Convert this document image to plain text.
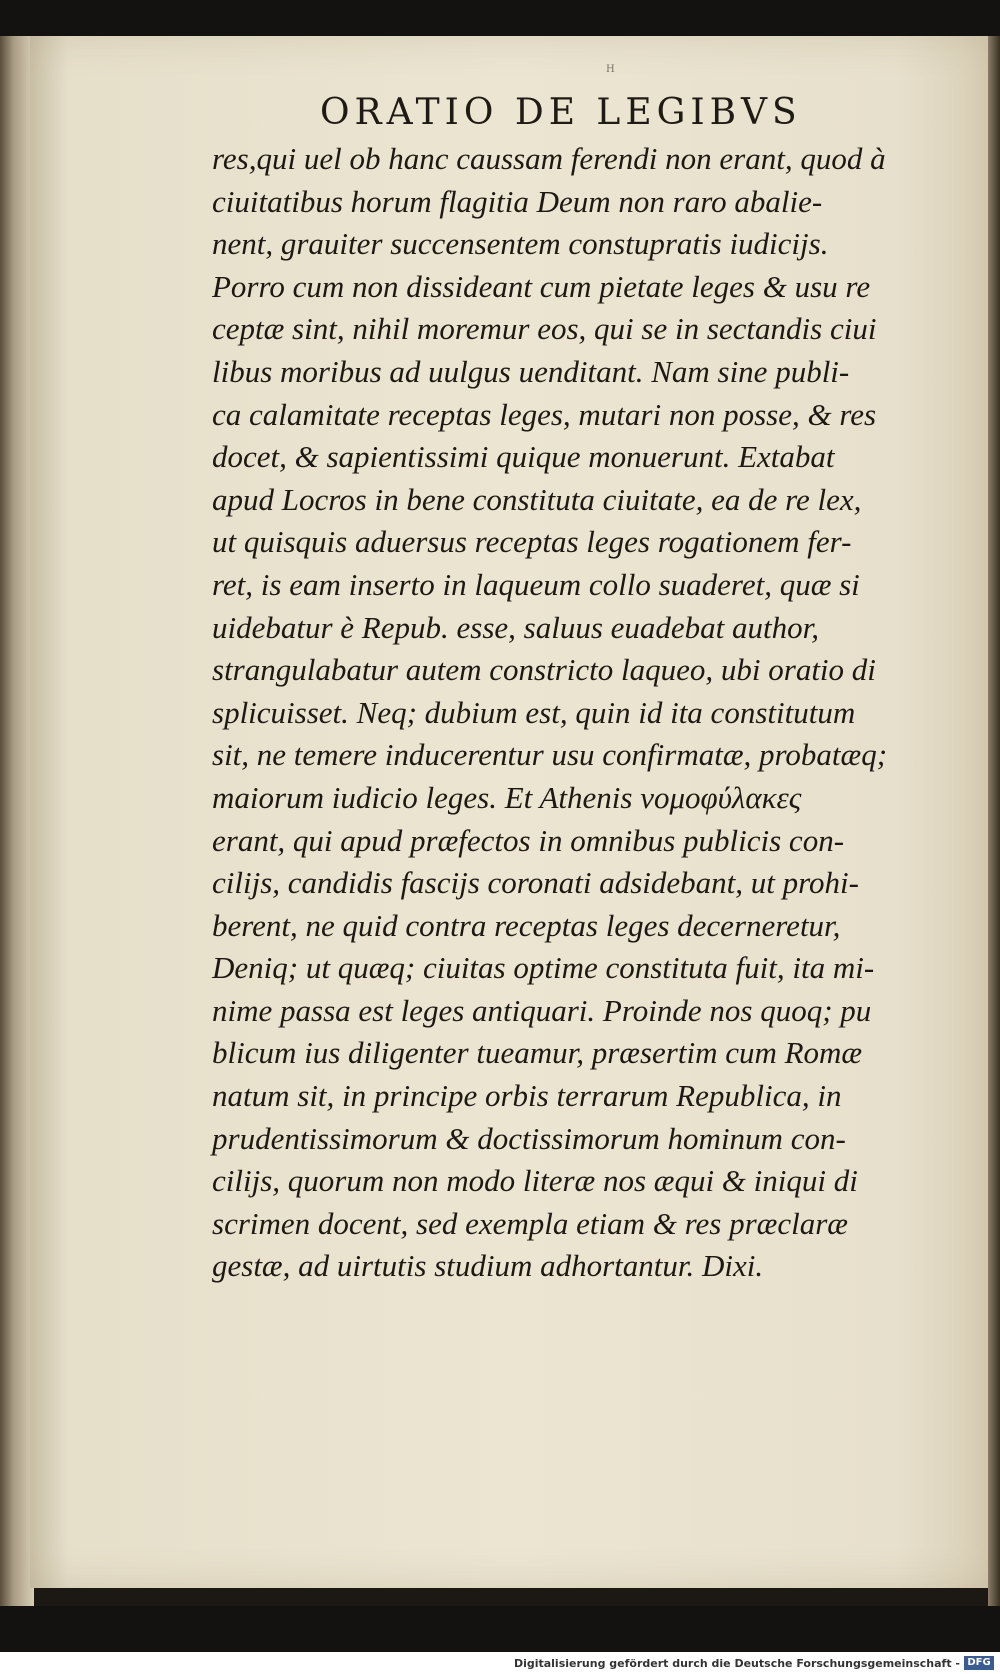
H
ORATIO DE LEGIBVS
res,qui uel ob hanc caussam ferendi non erant, quod à
ciuitatibus horum flagitia Deum non raro abalie-
nent, grauiter succensentem constupratis iudicijs.
Porro cum non dissideant cum pietate leges & usu re
ceptæ sint, nihil moremur eos, qui se in sectandis ciui
libus moribus ad uulgus uenditant. Nam sine publi-
ca calamitate receptas leges, mutari non posse, & res
docet, & sapientissimi quique monuerunt. Extabat
apud Locros in bene constituta ciuitate, ea de re lex,
ut quisquis aduersus receptas leges rogationem fer-
ret, is eam inserto in laqueum collo suaderet, quæ si
uidebatur è Repub. esse, saluus euadebat author,
strangulabatur autem constricto laqueo, ubi oratio di
splicuisset. Neq; dubium est, quin id ita constitutum
sit, ne temere inducerentur usu confirmatæ, probatæq;
maiorum iudicio leges. Et Athenis νομοφύλακες
erant, qui apud præfectos in omnibus publicis con-
cilijs, candidis fascijs coronati adsidebant, ut prohi-
berent, ne quid contra receptas leges decerneretur,
Deniq; ut quæq; ciuitas optime constituta fuit, ita mi-
nime passa est leges antiquari. Proinde nos quoq; pu
blicum ius diligenter tueamur, præsertim cum Romæ
natum sit, in principe orbis terrarum Republica, in
prudentissimorum & doctissimorum hominum con-
cilijs, quorum non modo literæ nos æqui & iniqui di
scrimen docent, sed exempla etiam & res præclaræ
gestæ, ad uirtutis studium adhortantur. Dixi.
Digitalisierung gefördert durch die Deutsche Forschungsgemeinschaft - DFG
